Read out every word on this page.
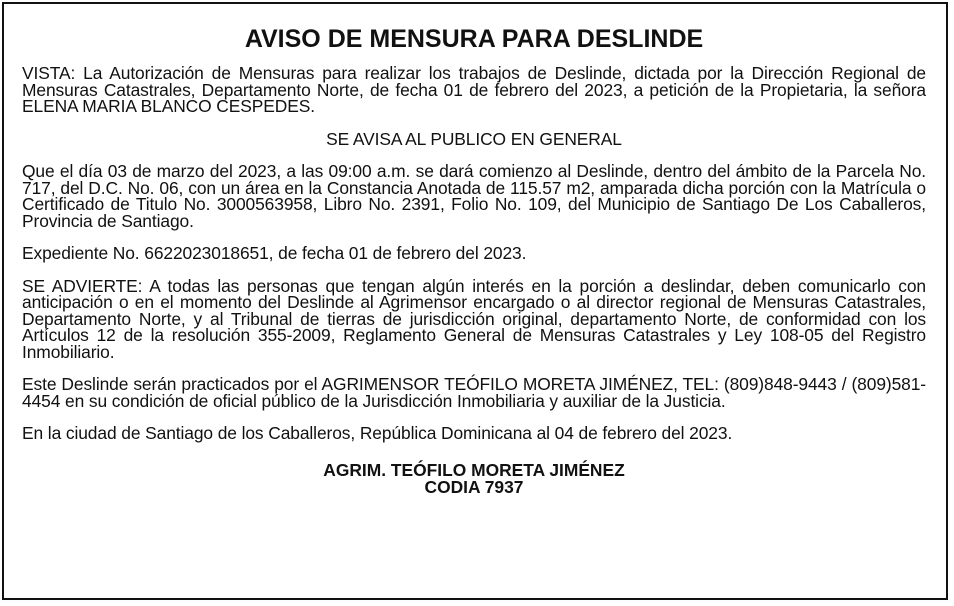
AVISO DE MENSURA PARA DESLINDE

VISTA: La Autorización de Mensuras para realizar los trabajos de Deslinde, dictada por la Dirección Regional de Mensuras Catastrales, Departamento Norte, de fecha 01 de febrero del 2023, a petición de la Propietaria, la señora ELENA MARIA BLANCO CESPEDES.

SE AVISA AL PUBLICO EN GENERAL

Que el día 03 de marzo del 2023, a las 09:00 a.m. se dará comienzo al Deslinde, dentro del ámbito de la Parcela No. 717, del D.C. No. 06, con un área en la Constancia Anotada de 115.57 m2, amparada dicha porción con la Matrícula o Certificado de Titulo No. 3000563958, Libro No. 2391, Folio No. 109, del Municipio de Santiago De Los Caballeros, Provincia de Santiago.

Expediente No. 6622023018651, de fecha 01 de febrero del 2023.

SE ADVIERTE: A todas las personas que tengan algún interés en la porción a deslindar, deben comunicarlo con anticipación o en el momento del Deslinde al Agrimensor encargado o al director regional de Mensuras Catastrales, Departamento Norte, y al Tribunal de tierras de jurisdicción original, departamento Norte, de conformidad con los Artículos 12 de la resolución 355-2009, Reglamento General de Mensuras Catastrales y Ley 108-05 del Registro Inmobiliario.

Este Deslinde serán practicados por el AGRIMENSOR TEÓFILO MORETA JIMÉNEZ, TEL: (809)848-9443 / (809)581-4454 en su condición de oficial público de la Jurisdicción Inmobiliaria y auxiliar de la Justicia.

En la ciudad de Santiago de los Caballeros, República Dominicana al 04 de febrero del 2023.

AGRIM. TEÓFILO MORETA JIMÉNEZ
CODIA 7937
